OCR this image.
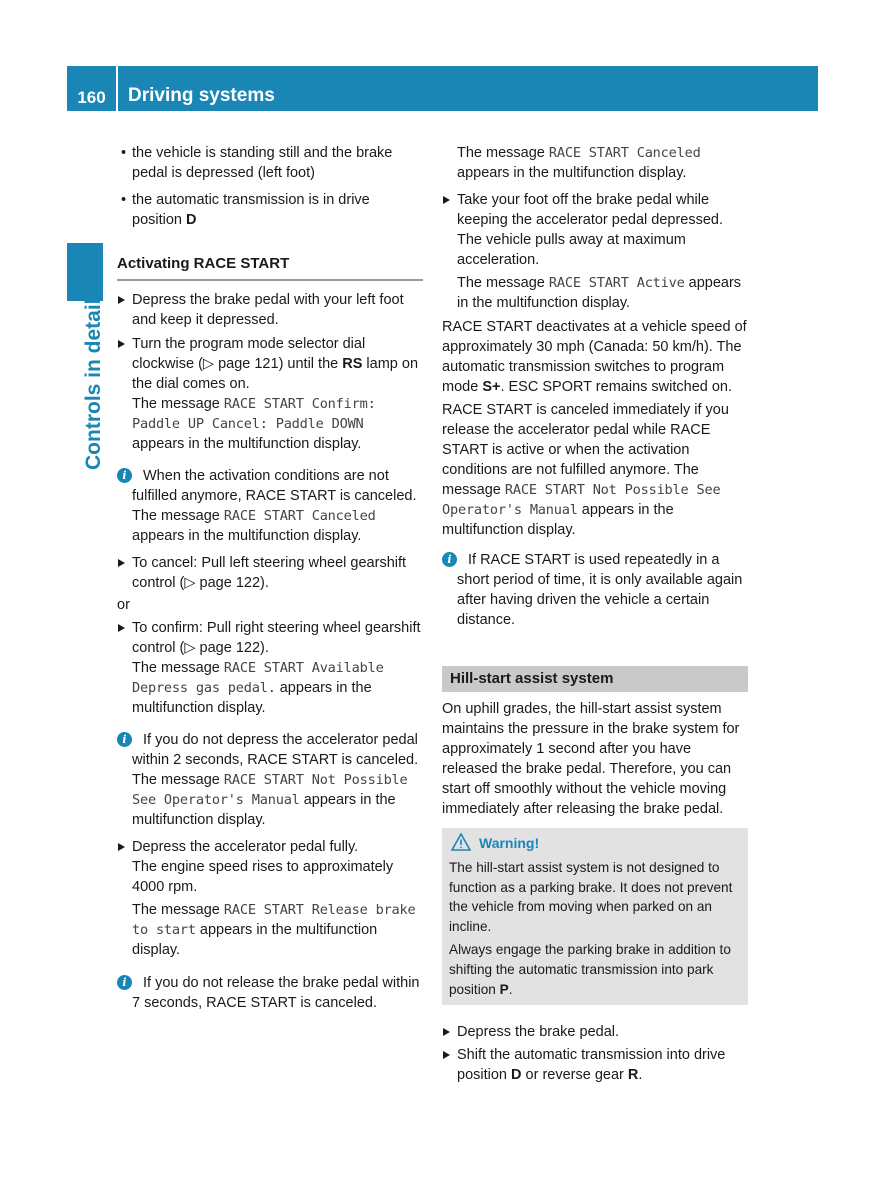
160	Driving systems
Controls in detail

• the vehicle is standing still and the brake pedal is depressed (left foot)

• the automatic transmission is in drive position D

Activating RACE START

Depress the brake pedal with your left foot and keep it depressed.

Turn the program mode selector dial clockwise (▷ page 121) until the RS lamp on the dial comes on.
The message RACE START Confirm: Paddle UP Cancel: Paddle DOWN
appears in the multifunction display.

i	When the activation conditions are not fulfilled anymore, RACE START is canceled. The message RACE START Canceled appears in the multifunction display.

To cancel: Pull left steering wheel gearshift control (▷ page 122).

or

To confirm: Pull right steering wheel gearshift control (▷ page 122).
The message RACE START Available Depress gas pedal. appears in the multifunction display.

i	If you do not depress the accelerator pedal within 2 seconds, RACE START is canceled. The message RACE START Not Possible See Operator's Manual appears in the multifunction display.

Depress the accelerator pedal fully.
The engine speed rises to approximately 4000 rpm.

The message RACE START Release brake to start appears in the multifunction display.

i	If you do not release the brake pedal within 7 seconds, RACE START is canceled.

The message RACE START Canceled
appears in the multifunction display.

Take your foot off the brake pedal while keeping the accelerator pedal depressed. The vehicle pulls away at maximum acceleration.

The message RACE START Active appears in the multifunction display.

RACE START deactivates at a vehicle speed of approximately 30 mph (Canada: 50 km/h). The automatic transmission switches to program mode S+. ESC SPORT remains switched on.

RACE START is canceled immediately if you release the accelerator pedal while RACE START is active or when the activation conditions are not fulfilled anymore. The message RACE START Not Possible See Operator's Manual appears in the multifunction display.

i	If RACE START is used repeatedly in a short period of time, it is only available again after having driven the vehicle a certain distance.

Hill-start assist system

On uphill grades, the hill-start assist system maintains the pressure in the brake system for approximately 1 second after you have released the brake pedal. Therefore, you can start off smoothly without the vehicle moving immediately after releasing the brake pedal.

Warning!

The hill-start assist system is not designed to function as a parking brake. It does not prevent the vehicle from moving when parked on an incline.

Always engage the parking brake in addition to shifting the automatic transmission into park position P.

Depress the brake pedal.

Shift the automatic transmission into drive position D or reverse gear R.
